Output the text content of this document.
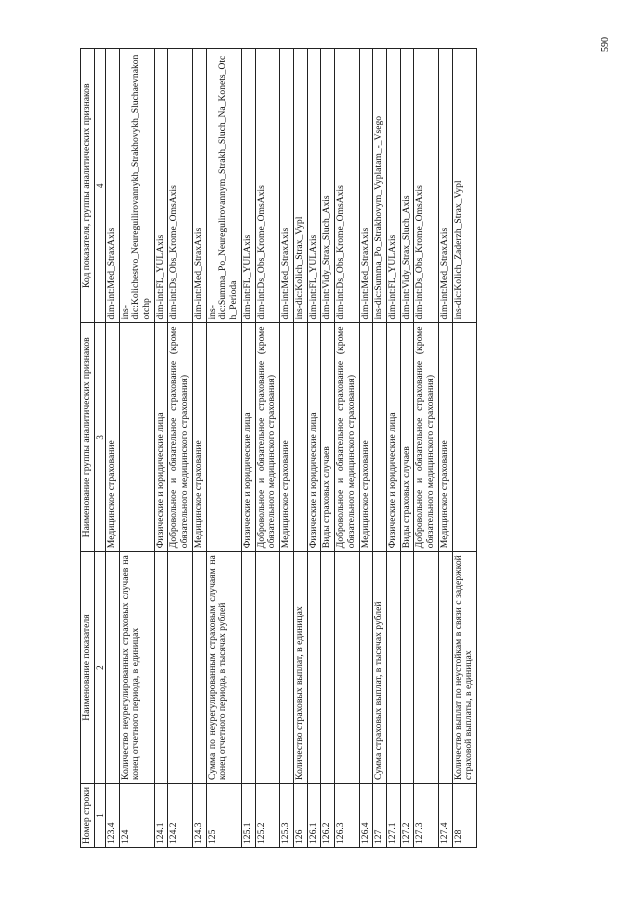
590
Номер строки	Наименование показателя	Наименование группы аналитических признаков	Код показателя, группы аналитических признаков
1	2	3	4
123.4		Медицинское страхование	dim-int:Med_StraxAxis
124	Количество неурегулированных страховых случаев на конец отчетного периода, в единицах		ins-dic:Kolichestvo_Neureguilirovannykh_Strakhovykh_Sluchaevnakonotchp
124.1		Физические и юридические лица	dim-int:FL_YULAxis
124.2		Добровольное и обязательное страхование (кроме обязательного медицинского страхования)	dim-int:Ds_Obs_Krome_OmsAxis
124.3		Медицинское страхование	dim-int:Med_StraxAxis
125	Сумма по неурегулированным страховым случаям на конец отчетного периода, в тысячах рублей		ins-dic:Summa_Po_Neuregulirovannym_Strakh_Sluch_Na_Konets_Otch_Perioda
125.1		Физические и юридические лица	dim-int:FL_YULAxis
125.2		Добровольное и обязательное страхование (кроме обязательного медицинского страхования)	dim-int:Ds_Obs_Krome_OmsAxis
125.3		Медицинское страхование	dim-int:Med_StraxAxis
126	Количество страховых выплат, в единицах		ins-dic:Kolich_Strax_Vypl
126.1		Физические и юридические лица	dim-int:FL_YULAxis
126.2		Виды страховых случаев	dim-int:Vidy_Strax_Sluch_Axis
126.3		Добровольное и обязательное страхование (кроме обязательного медицинского страхования)	dim-int:Ds_Obs_Krome_OmsAxis
126.4		Медицинское страхование	dim-int:Med_StraxAxis
127	Сумма страховых выплат, в тысячах рублей		ins-dic:Summa_Po_Strakhovym_Vyplatam_-_Vsego
127.1		Физические и юридические лица	dim-int:FL_YULAxis
127.2		Виды страховых случаев	dim-int:Vidy_Strax_Sluch_Axis
127.3		Добровольное и обязательное страхование (кроме обязательного медицинского страхования)	dim-int:Ds_Obs_Krome_OmsAxis
127.4		Медицинское страхование	dim-int:Med_StraxAxis
128	Количество выплат по неустойкам в связи с задержкой страховой выплаты, в единицах		ins-dic:Kolich_Zaderzh_Strax_Vypl
